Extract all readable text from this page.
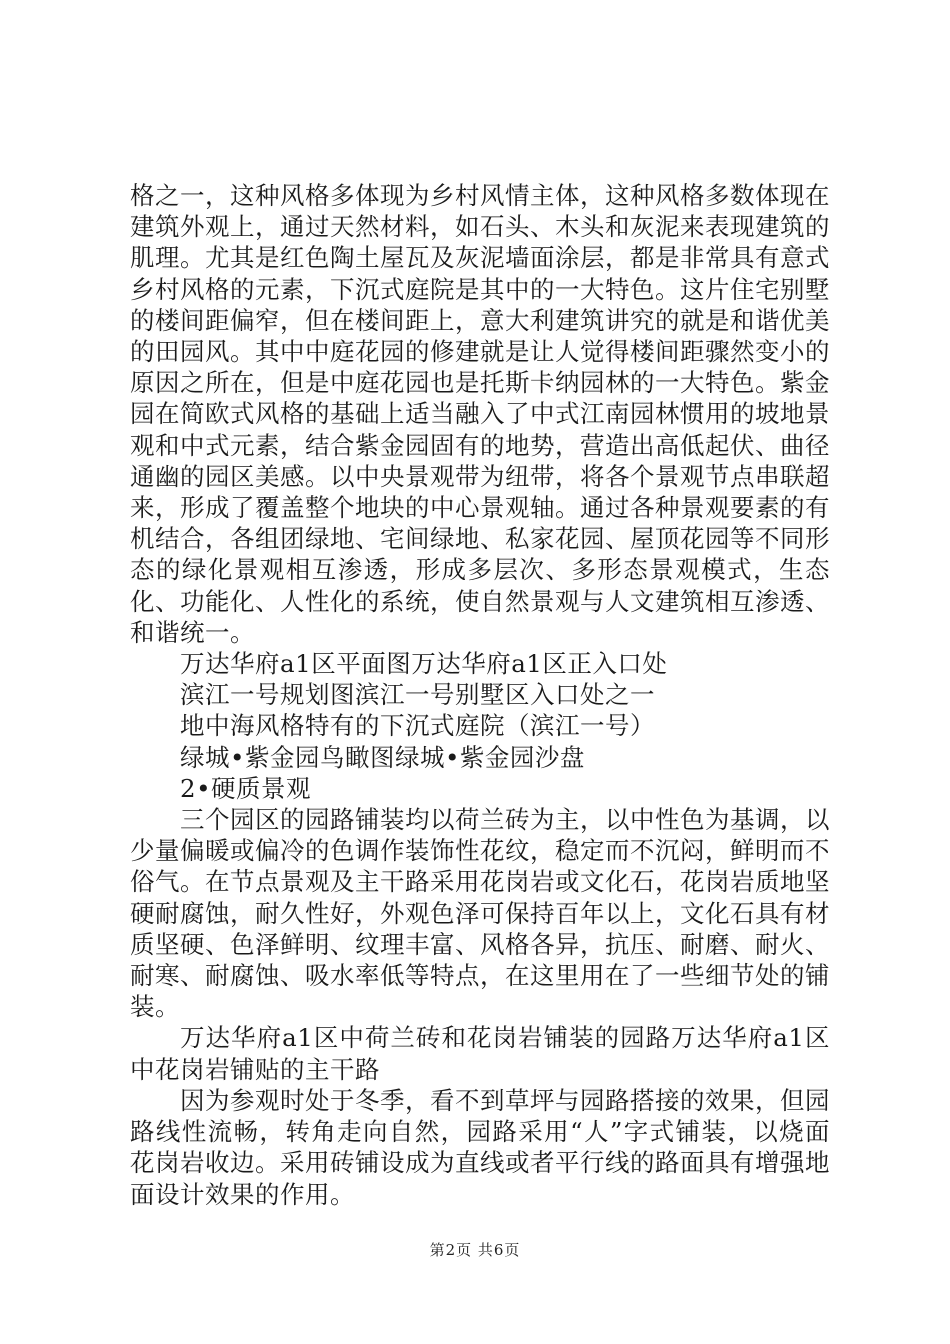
格之一，这种风格多体现为乡村风情主体，这种风格多数体现在建筑外观上，通过天然材料，如石头、木头和灰泥来表现建筑的肌理。尤其是红色陶土屋瓦及灰泥墙面涂层，都是非常具有意式乡村风格的元素，下沉式庭院是其中的一大特色。这片住宅别墅的楼间距偏窄，但在楼间距上，意大利建筑讲究的就是和谐优美的田园风。其中中庭花园的修建就是让人觉得楼间距骤然变小的原因之所在，但是中庭花园也是托斯卡纳园林的一大特色。紫金园在简欧式风格的基础上适当融入了中式江南园林惯用的坡地景观和中式元素，结合紫金园固有的地势，营造出高低起伏、曲径通幽的园区美感。以中央景观带为纽带，将各个景观节点串联超来，形成了覆盖整个地块的中心景观轴。通过各种景观要素的有机结合，各组团绿地、宅间绿地、私家花园、屋顶花园等不同形态的绿化景观相互渗透，形成多层次、多形态景观模式，生态化、功能化、人性化的系统，使自然景观与人文建筑相互渗透、和谐统一。

万达华府a1区平面图万达华府a1区正入口处

滨江一号规划图滨江一号别墅区入口处之一

地中海风格特有的下沉式庭院（滨江一号）

绿城•紫金园鸟瞰图绿城•紫金园沙盘

2•硬质景观

三个园区的园路铺装均以荷兰砖为主，以中性色为基调，以少量偏暖或偏冷的色调作装饰性花纹，稳定而不沉闷，鲜明而不俗气。在节点景观及主干路采用花岗岩或文化石，花岗岩质地坚硬耐腐蚀，耐久性好，外观色泽可保持百年以上，文化石具有材质坚硬、色泽鲜明、纹理丰富、风格各异，抗压、耐磨、耐火、耐寒、耐腐蚀、吸水率低等特点，在这里用在了一些细节处的铺装。

万达华府a1区中荷兰砖和花岗岩铺装的园路万达华府a1区中花岗岩铺贴的主干路

因为参观时处于冬季，看不到草坪与园路搭接的效果，但园路线性流畅，转角走向自然，园路采用“人”字式铺装，以烧面花岗岩收边。采用砖铺设成为直线或者平行线的路面具有增强地面设计效果的作用。

第2页 共6页
